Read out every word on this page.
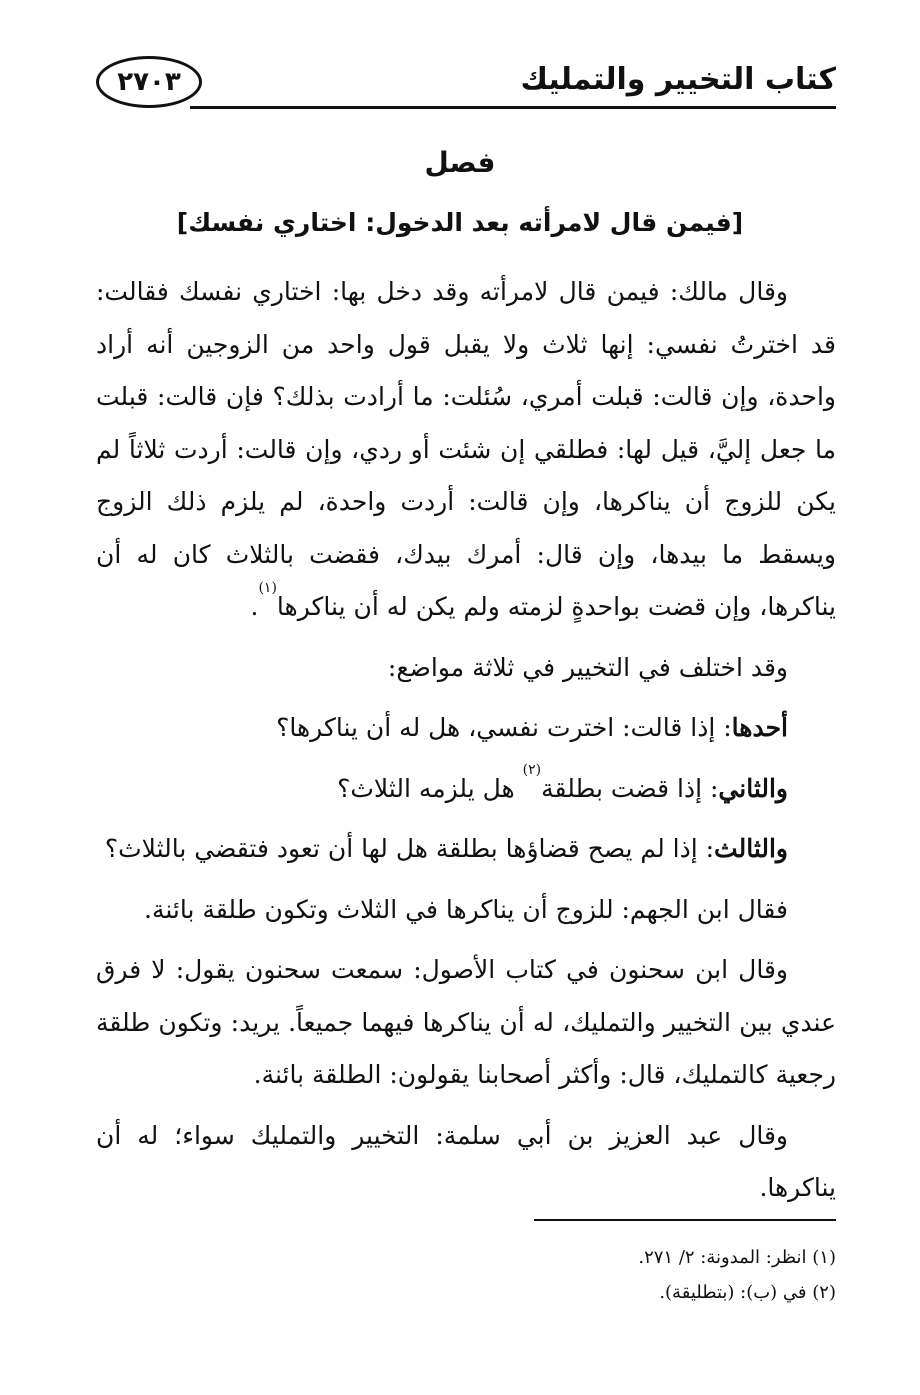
كتاب التخيير والتمليك
٢٧٠٣
فصل
[فيمن قال لامرأته بعد الدخول: اختاري نفسك]

وقال مالك: فيمن قال لامرأته وقد دخل بها: اختاري نفسك فقالت: قد اخترتُ نفسي: إنها ثلاث ولا يقبل قول واحد من الزوجين أنه أراد واحدة، وإن قالت: قبلت أمري، سُئلت: ما أرادت بذلك؟ فإن قالت: قبلت ما جعل إليَّ، قيل لها: فطلقي إن شئت أو ردي، وإن قالت: أردت ثلاثاً لم يكن للزوج أن يناكرها، وإن قالت: أردت واحدة، لم يلزم ذلك الزوج ويسقط ما بيدها، وإن قال: أمرك بيدك، فقضت بالثلاث كان له أن يناكرها، وإن قضت بواحدةٍ لزمته ولم يكن له أن يناكرها$^{(١)}$.

وقد اختلف في التخيير في ثلاثة مواضع:

أحدها: إذا قالت: اخترت نفسي، هل له أن يناكرها؟

والثاني: إذا قضت بطلقة$^{(٢)}$ هل يلزمه الثلاث؟

والثالث: إذا لم يصح قضاؤها بطلقة هل لها أن تعود فتقضي بالثلاث؟

فقال ابن الجهم: للزوج أن يناكرها في الثلاث وتكون طلقة بائنة.

وقال ابن سحنون في كتاب الأصول: سمعت سحنون يقول: لا فرق عندي بين التخيير والتمليك، له أن يناكرها فيهما جميعاً. يريد: وتكون طلقة رجعية كالتمليك، قال: وأكثر أصحابنا يقولون: الطلقة بائنة.

وقال عبد العزيز بن أبي سلمة: التخيير والتمليك سواء؛ له أن يناكرها.

(١) انظر: المدونة: ٢/ ٢٧١.
(٢) في (ب): (بتطليقة).
